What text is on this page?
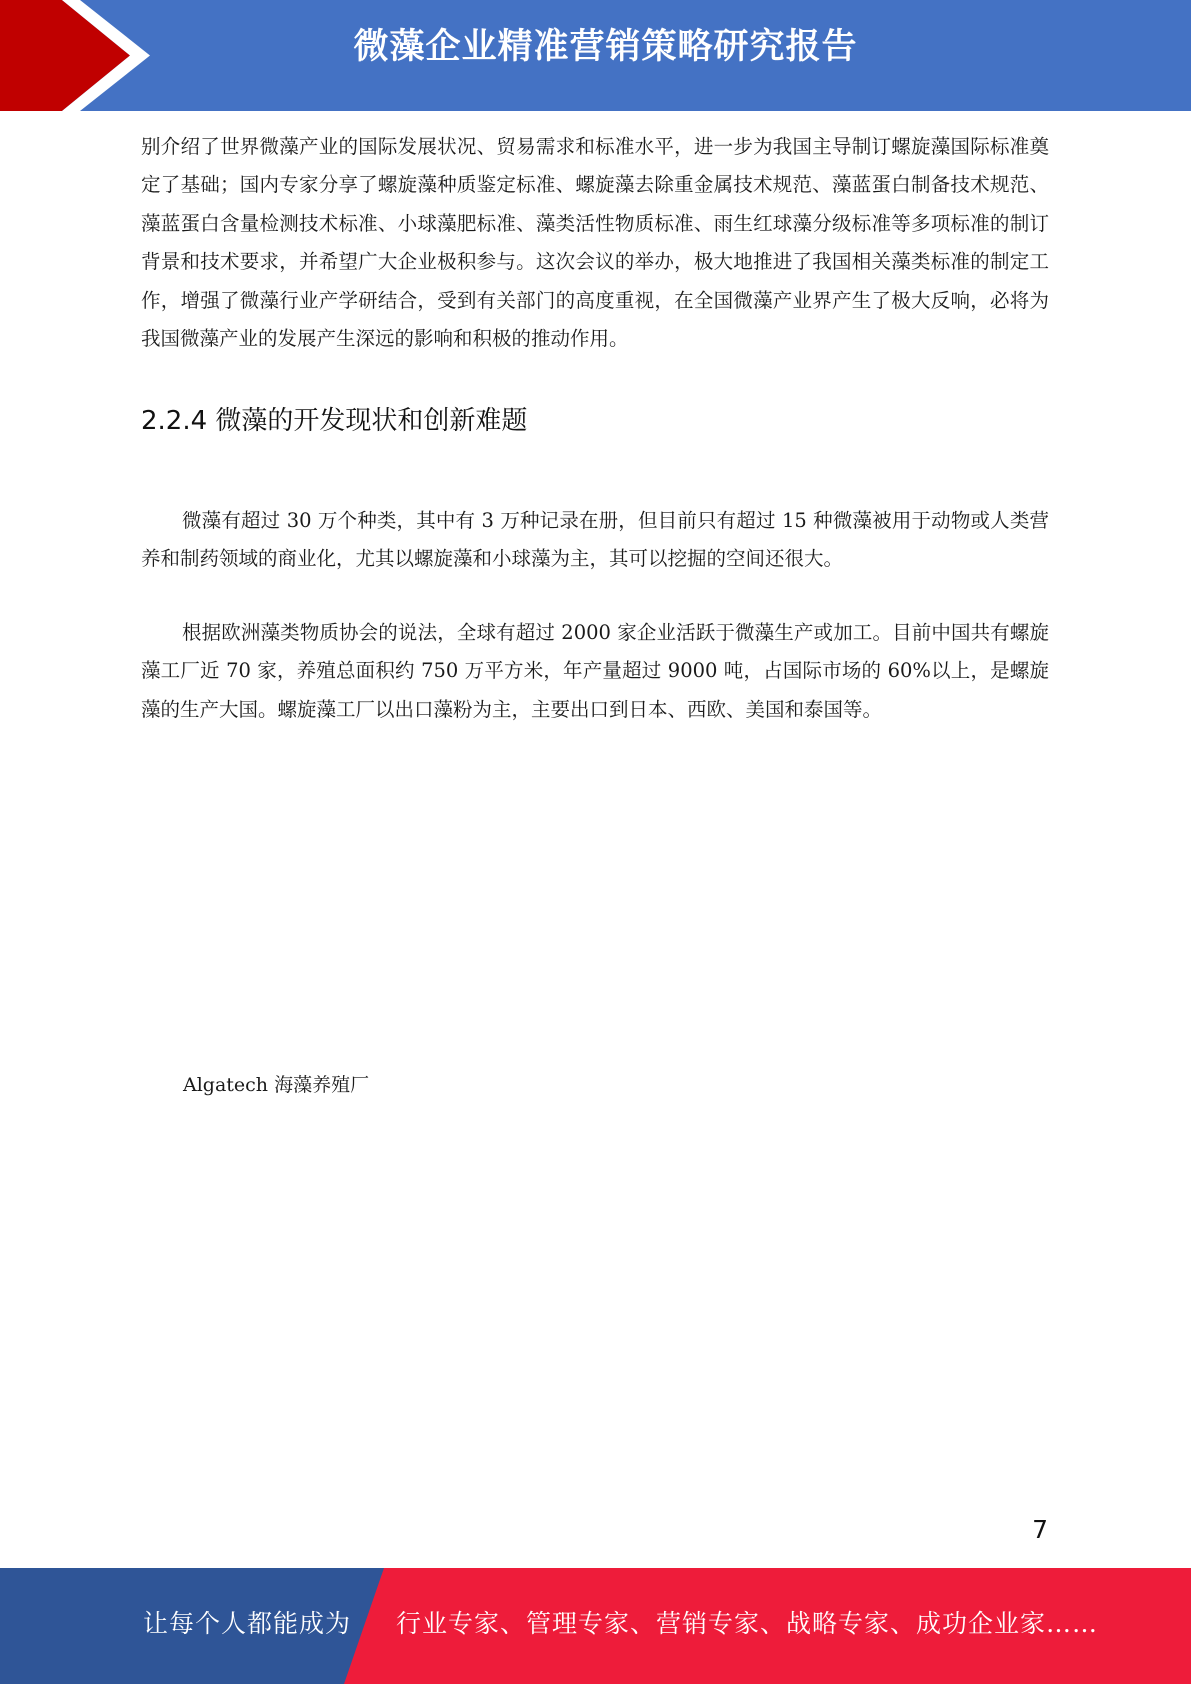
微藻企业精准营销策略研究报告

别介绍了世界微藻产业的国际发展状况、贸易需求和标准水平，进一步为我国主导制订螺旋藻国际标准奠定了基础；国内专家分享了螺旋藻种质鉴定标准、螺旋藻去除重金属技术规范、藻蓝蛋白制备技术规范、藻蓝蛋白含量检测技术标准、小球藻肥标准、藻类活性物质标准、雨生红球藻分级标准等多项标准的制订背景和技术要求，并希望广大企业极积参与。这次会议的举办，极大地推进了我国相关藻类标准的制定工作，增强了微藻行业产学研结合，受到有关部门的高度重视，在全国微藻产业界产生了极大反响，必将为我国微藻产业的发展产生深远的影响和积极的推动作用。

2.2.4 微藻的开发现状和创新难题

微藻有超过 30 万个种类，其中有 3 万种记录在册，但目前只有超过 15 种微藻被用于动物或人类营养和制药领域的商业化，尤其以螺旋藻和小球藻为主，其可以挖掘的空间还很大。

根据欧洲藻类物质协会的说法，全球有超过 2000 家企业活跃于微藻生产或加工。目前中国共有螺旋藻工厂近 70 家，养殖总面积约 750 万平方米，年产量超过 9000 吨，占国际市场的 60%以上，是螺旋藻的生产大国。螺旋藻工厂以出口藻粉为主，主要出口到日本、西欧、美国和泰国等。

Algatech 海藻养殖厂
7
让每个人都能成为 行业专家、管理专家、营销专家、战略专家、成功企业家……
